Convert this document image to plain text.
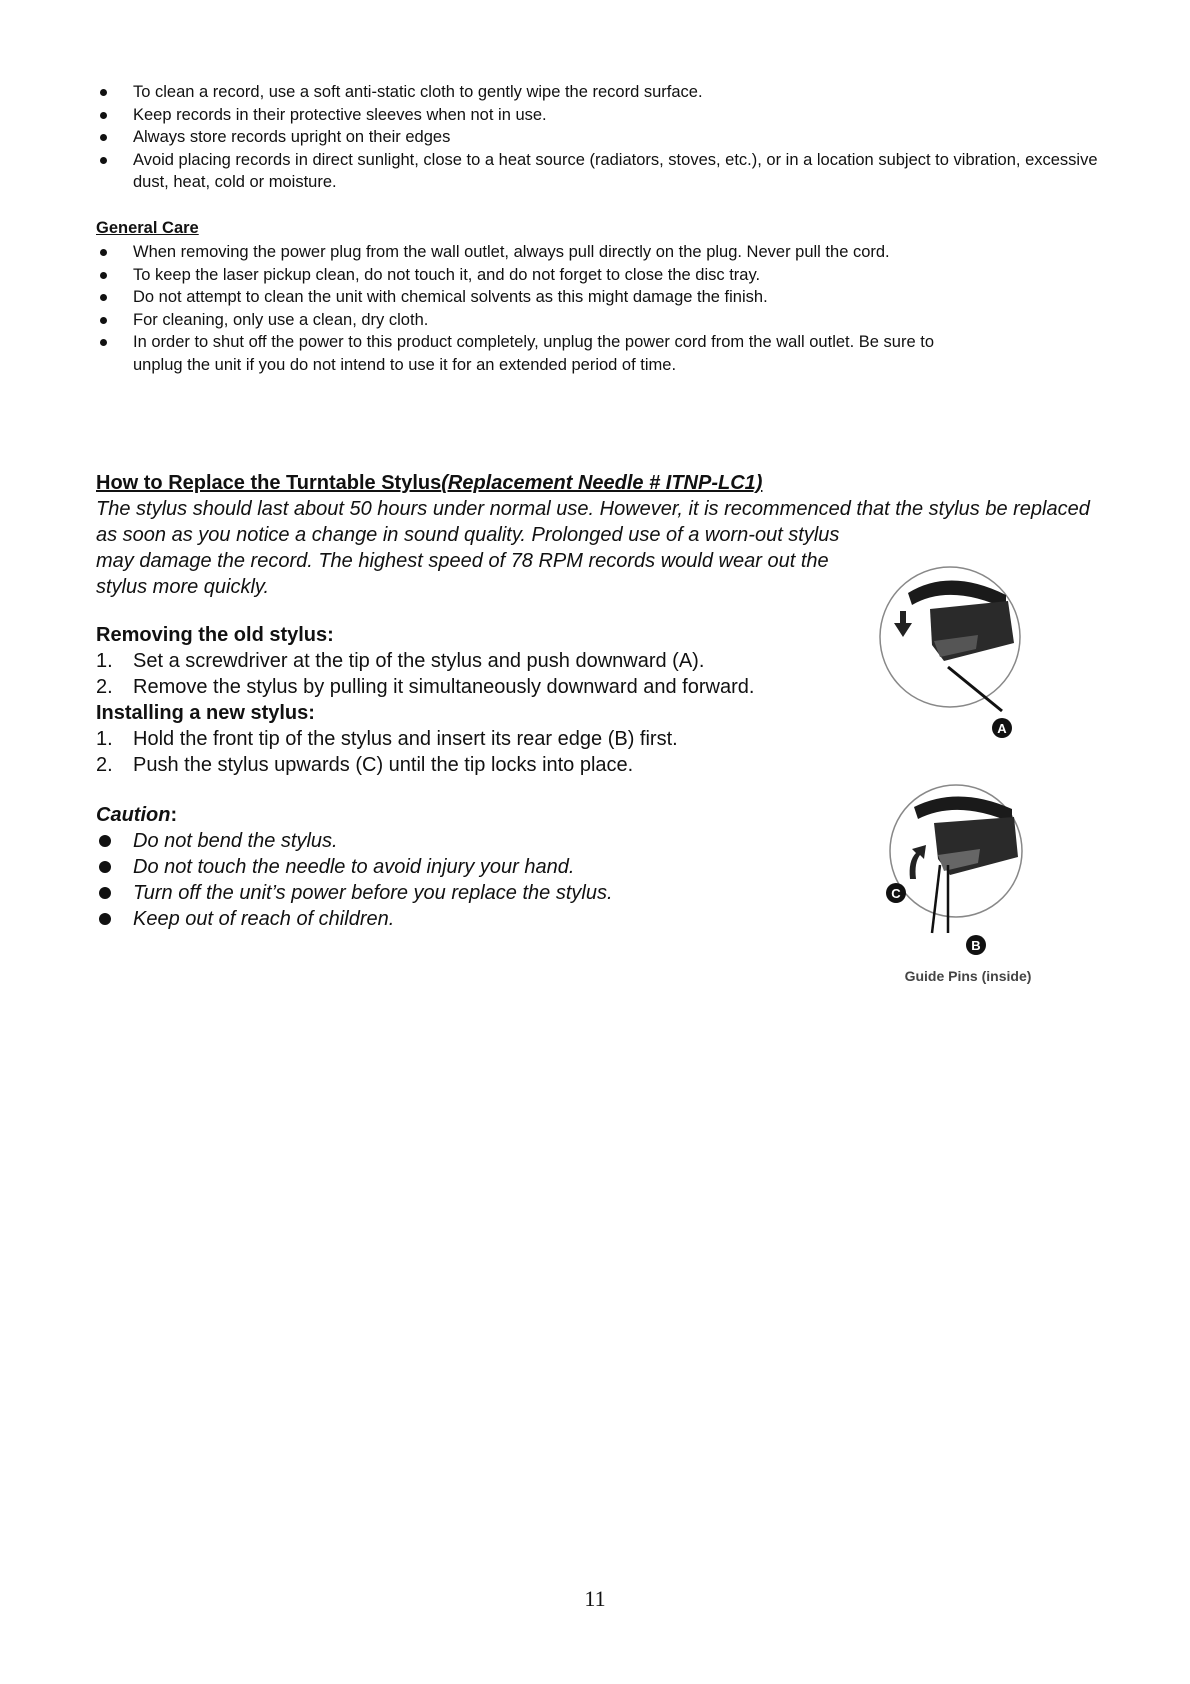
To clean a record, use a soft anti-static cloth to gently wipe the record surface.
Keep records in their protective sleeves when not in use.
Always store records upright on their edges
Avoid placing records in direct sunlight, close to a heat source (radiators, stoves, etc.), or in a location subject to vibration, excessive dust, heat, cold or moisture.
General Care
When removing the power plug from the wall outlet, always pull directly on the plug. Never pull the cord.
To keep the laser pickup clean, do not touch it, and do not forget to close the disc tray.
Do not attempt to clean the unit with chemical solvents as this might damage the finish.
For cleaning, only use a clean, dry cloth.
In order to shut off the power to this product completely, unplug the power cord from the wall outlet. Be sure to unplug the unit if you do not intend to use it for an extended period of time.
How to Replace the Turntable Stylus(Replacement Needle # ITNP-LC1)

The stylus should last about 50 hours under normal use. However, it is recommenced that the stylus be replaced as soon as you notice a change in sound quality. Prolonged use of a worn-out stylus

may damage the record. The highest speed of 78 RPM records would wear out the stylus more quickly.

Removing the old stylus:

1. Set a screwdriver at the tip of the stylus and push downward (A).
2. Remove the stylus by pulling it simultaneously downward and forward.

Installing a new stylus:

1. Hold the front tip of the stylus and insert its rear edge (B) first.
2. Push the stylus upwards (C) until the tip locks into place.

Caution:

Do not bend the stylus.
Do not touch the needle to avoid injury your hand.
Turn off the unit’s power before you replace the stylus.
Keep out of reach of children.
A
C
B
Guide Pins (inside)
11
